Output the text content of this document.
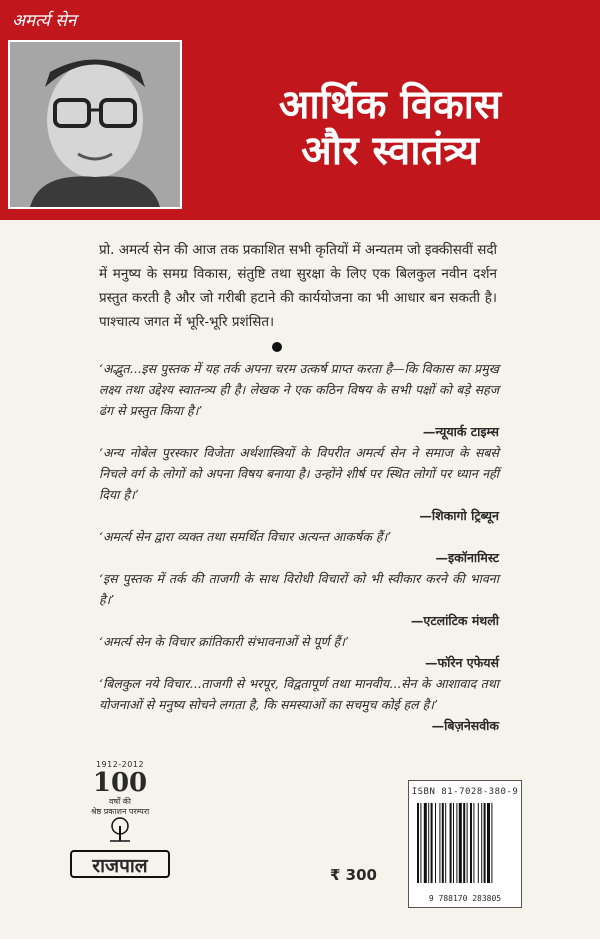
अमर्त्य सेन
आर्थिक विकास
और स्वातंत्र्य
प्रो. अमर्त्य सेन की आज तक प्रकाशित सभी कृतियों में अन्यतम जो इक्कीसवीं सदी में मनुष्य के समग्र विकास, संतुष्टि तथा सुरक्षा के लिए एक बिलकुल नवीन दर्शन प्रस्तुत करती है और जो गरीबी हटाने की कार्ययोजना का भी आधार बन सकती है। पाश्चात्य जगत में भूरि-भूरि प्रशंसित।

‘अद्भुत...इस पुस्तक में यह तर्क अपना चरम उत्कर्ष प्राप्त करता है—कि विकास का प्रमुख लक्ष्य तथा उद्देश्य स्वातन्त्र्य ही है। लेखक ने एक कठिन विषय के सभी पक्षों को बड़े सहज ढंग से प्रस्तुत किया है।’

—न्यूयार्क टाइम्स

‘अन्य नोबेल पुरस्कार विजेता अर्थशास्त्रियों के विपरीत अमर्त्य सेन ने समाज के सबसे निचले वर्ग के लोगों को अपना विषय बनाया है। उन्होंने शीर्ष पर स्थित लोगों पर ध्यान नहीं दिया है।’

—शिकागो ट्रिब्यून

‘अमर्त्य सेन द्वारा व्यक्त तथा समर्थित विचार अत्यन्त आकर्षक हैं।’

—इकॉनामिस्ट

‘इस पुस्तक में तर्क की ताजगी के साथ विरोधी विचारों को भी स्वीकार करने की भावना है।’

—एटलांटिक मंथली

‘अमर्त्य सेन के विचार क्रांतिकारी संभावनाओं से पूर्ण हैं।’

—फॉरेन एफेयर्स

‘बिलकुल नये विचार...ताजगी से भरपूर, विद्वतापूर्ण तथा मानवीय...सेन के आशावाद तथा योजनाओं से मनुष्य सोचने लगता है, कि समस्याओं का सचमुच कोई हल है।’

—बिज़नेसवीक

1912-2012
100
वर्षों की
श्रेष्ठ प्रकाशन परम्परा
राजपाल	₹ 300
ISBN 81-7028-380-9
9 788170 283805
